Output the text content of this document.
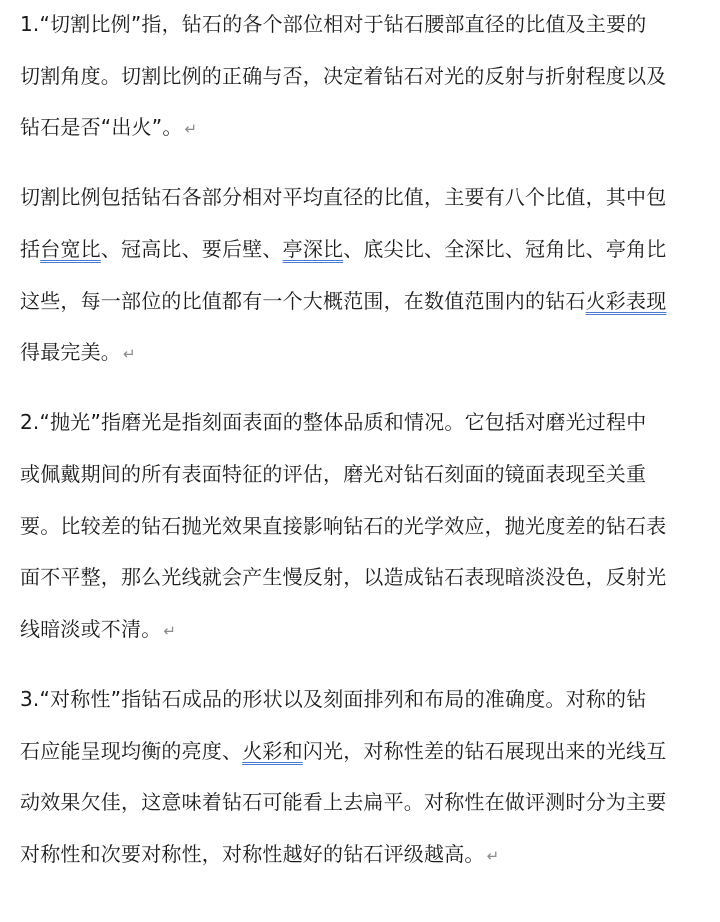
1.“切割比例”指，钻石的各个部位相对于钻石腰部直径的比值及主要的
切割角度。切割比例的正确与否，决定着钻石对光的反射与折射程度以及
钻石是否“出火”。 ↵
切割比例包括钻石各部分相对平均直径的比值，主要有八个比值，其中包
括台宽比、冠高比、要后壁、亭深比、底尖比、全深比、冠角比、亭角比
这些，每一部位的比值都有一个大概范围，在数值范围内的钻石火彩表现
得最完美。 ↵
2.“抛光”指磨光是指刻面表面的整体品质和情况。它包括对磨光过程中
或佩戴期间的所有表面特征的评估，磨光对钻石刻面的镜面表现至关重
要。比较差的钻石抛光效果直接影响钻石的光学效应，抛光度差的钻石表
面不平整，那么光线就会产生慢反射，以造成钻石表现暗淡没色，反射光
线暗淡或不清。 ↵
3.“对称性”指钻石成品的形状以及刻面排列和布局的准确度。对称的钻
石应能呈现均衡的亮度、火彩和闪光，对称性差的钻石展现出来的光线互
动效果欠佳，这意味着钻石可能看上去扁平。对称性在做评测时分为主要
对称性和次要对称性，对称性越好的钻石评级越高。 ↵
